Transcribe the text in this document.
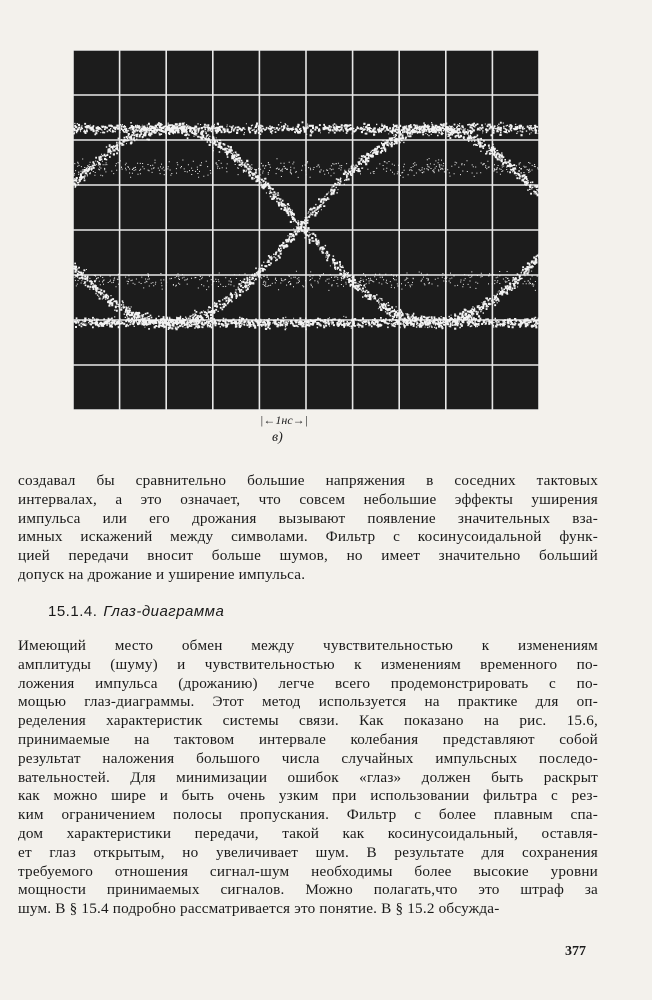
|←1нс→|
в)
создавал бы сравнительно большие напряжения в соседних тактовых
интервалах, а это означает, что совсем небольшие эффекты уширения
импульса или его дрожания вызывают появление значительных вза-
имных искажений между символами. Фильтр с косинусоидальной функ-
цией передачи вносит больше шумов, но имеет значительно больший
допуск на дрожание и уширение импульса.
15.1.4. Глаз-диаграмма
Имеющий место обмен между чувствительностью к изменениям
амплитуды (шуму) и чувствительностью к изменениям временного по-
ложения импульса (дрожанию) легче всего продемонстрировать с по-
мощью глаз-диаграммы. Этот метод используется на практике для оп-
ределения характеристик системы связи. Как показано на рис. 15.6,
принимаемые на тактовом интервале колебания представляют собой
результат наложения большого числа случайных импульсных последо-
вательностей. Для минимизации ошибок «глаз» должен быть раскрыт
как можно шире и быть очень узким при использовании фильтра с рез-
ким ограничением полосы пропускания. Фильтр с более плавным спа-
дом характеристики передачи, такой как косинусоидальный, оставля-
ет глаз открытым, но увеличивает шум. В результате для сохранения
требуемого отношения сигнал-шум необходимы более высокие уровни
мощности принимаемых сигналов. Можно полагать,что это штраф за
шум. В § 15.4 подробно рассматривается это понятие. В § 15.2 обсужда-
377
